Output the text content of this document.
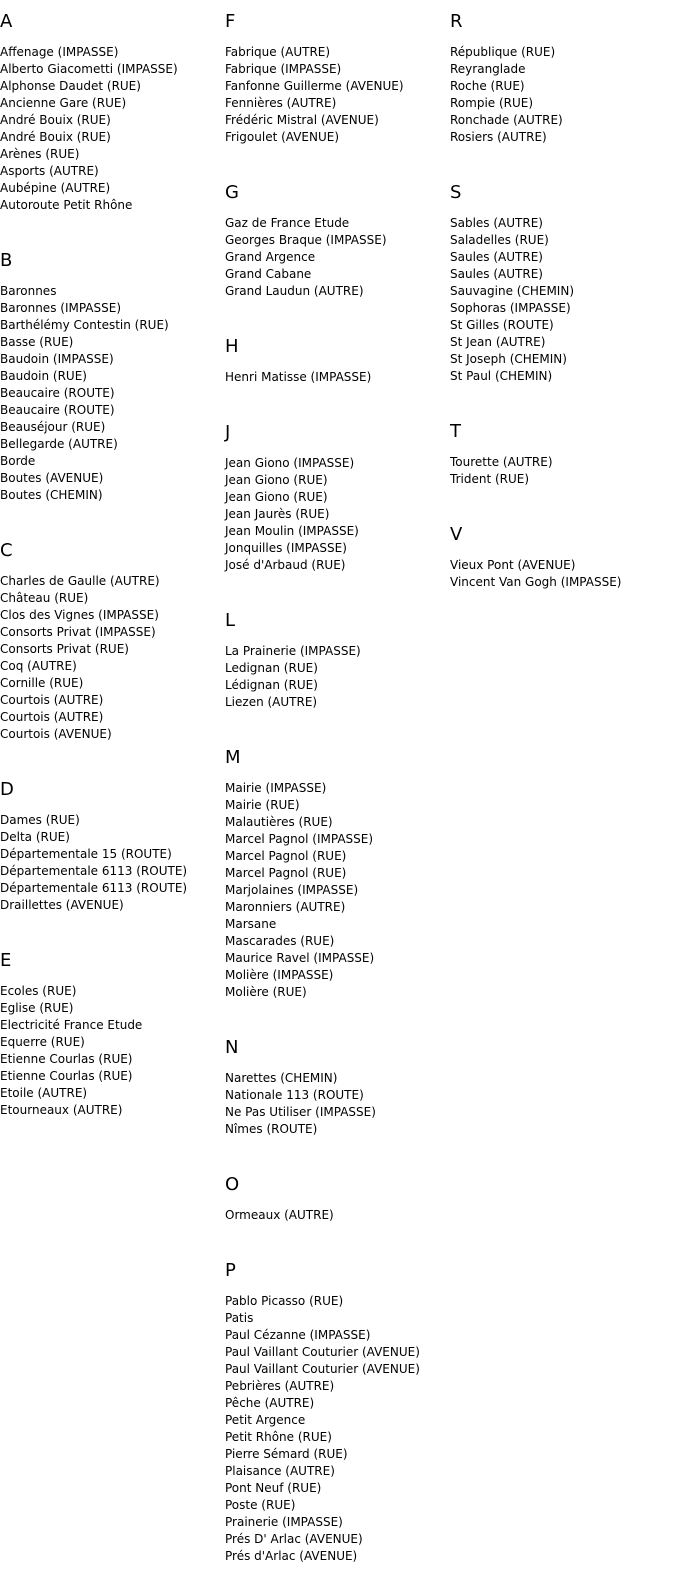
A
Affenage (IMPASSE)
Alberto Giacometti (IMPASSE)
Alphonse Daudet (RUE)
Ancienne Gare (RUE)
André Bouix (RUE)
André Bouix (RUE)
Arènes (RUE)
Asports (AUTRE)
Aubépine (AUTRE)
Autoroute Petit Rhône
B
Baronnes
Baronnes (IMPASSE)
Barthélémy Contestin (RUE)
Basse (RUE)
Baudoin (IMPASSE)
Baudoin (RUE)
Beaucaire (ROUTE)
Beaucaire (ROUTE)
Beauséjour (RUE)
Bellegarde (AUTRE)
Borde
Boutes (AVENUE)
Boutes (CHEMIN)
C
Charles de Gaulle (AUTRE)
Château (RUE)
Clos des Vignes (IMPASSE)
Consorts Privat (IMPASSE)
Consorts Privat (RUE)
Coq (AUTRE)
Cornille (RUE)
Courtois (AUTRE)
Courtois (AUTRE)
Courtois (AVENUE)
D
Dames (RUE)
Delta (RUE)
Départementale 15 (ROUTE)
Départementale 6113 (ROUTE)
Départementale 6113 (ROUTE)
Draillettes (AVENUE)
E
Ecoles (RUE)
Eglise (RUE)
Electricité France Etude
Equerre (RUE)
Etienne Courlas (RUE)
Etienne Courlas (RUE)
Etoile (AUTRE)
Etourneaux (AUTRE)
F
Fabrique (AUTRE)
Fabrique (IMPASSE)
Fanfonne Guillerme (AVENUE)
Fennières (AUTRE)
Frédéric Mistral (AVENUE)
Frigoulet (AVENUE)
G
Gaz de France Etude
Georges Braque (IMPASSE)
Grand Argence
Grand Cabane
Grand Laudun (AUTRE)
H
Henri Matisse (IMPASSE)
J
Jean Giono (IMPASSE)
Jean Giono (RUE)
Jean Giono (RUE)
Jean Jaurès (RUE)
Jean Moulin (IMPASSE)
Jonquilles (IMPASSE)
José d'Arbaud (RUE)
L
La Prainerie (IMPASSE)
Ledignan (RUE)
Lédignan (RUE)
Liezen (AUTRE)
M
Mairie (IMPASSE)
Mairie (RUE)
Malautières (RUE)
Marcel Pagnol (IMPASSE)
Marcel Pagnol (RUE)
Marcel Pagnol (RUE)
Marjolaines (IMPASSE)
Maronniers (AUTRE)
Marsane
Mascarades (RUE)
Maurice Ravel (IMPASSE)
Molière (IMPASSE)
Molière (RUE)
N
Narettes (CHEMIN)
Nationale 113 (ROUTE)
Ne Pas Utiliser (IMPASSE)
Nîmes (ROUTE)
O
Ormeaux (AUTRE)
P
Pablo Picasso (RUE)
Patis
Paul Cézanne (IMPASSE)
Paul Vaillant Couturier (AVENUE)
Paul Vaillant Couturier (AVENUE)
Pebrières (AUTRE)
Pêche (AUTRE)
Petit Argence
Petit Rhône (RUE)
Pierre Sémard (RUE)
Plaisance (AUTRE)
Pont Neuf (RUE)
Poste (RUE)
Prainerie (IMPASSE)
Prés D' Arlac (AVENUE)
Prés d'Arlac (AVENUE)
R
République (RUE)
Reyranglade
Roche (RUE)
Rompie (RUE)
Ronchade (AUTRE)
Rosiers (AUTRE)
S
Sables (AUTRE)
Saladelles (RUE)
Saules (AUTRE)
Saules (AUTRE)
Sauvagine (CHEMIN)
Sophoras (IMPASSE)
St Gilles (ROUTE)
St Jean (AUTRE)
St Joseph (CHEMIN)
St Paul (CHEMIN)
T
Tourette (AUTRE)
Trident (RUE)
V
Vieux Pont (AVENUE)
Vincent Van Gogh (IMPASSE)
